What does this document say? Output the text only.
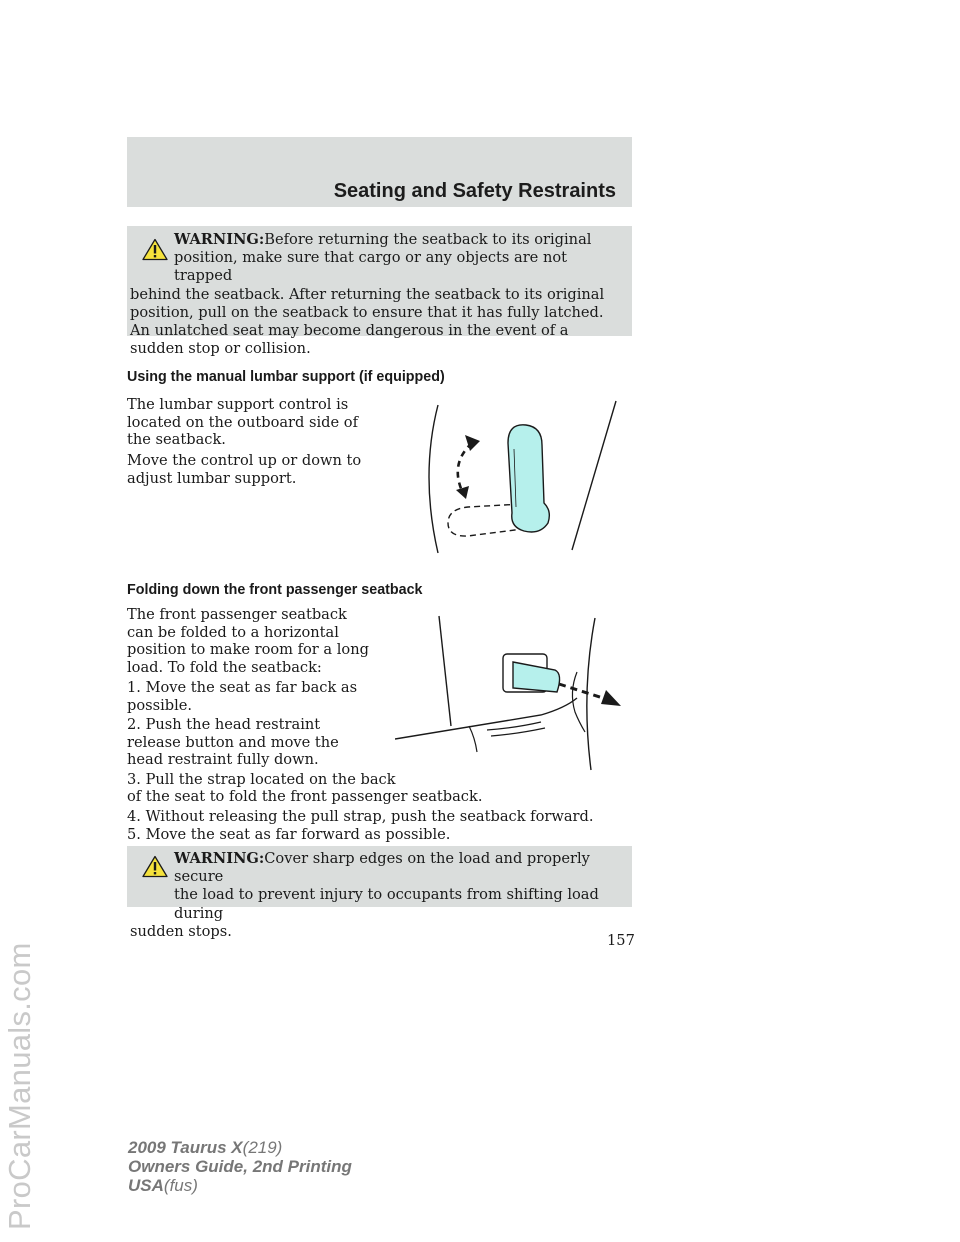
ProCarManuals.com
Seating and Safety Restraints
WARNING:Before returning the seatback to its original
position, make sure that cargo or any objects are not trapped
behind the seatback. After returning the seatback to its original position, pull on the seatback to ensure that it has fully latched. An unlatched seat may become dangerous in the event of a sudden stop or collision.
Using the manual lumbar support (if equipped)

The lumbar support control is located on the outboard side of the seatback.

Move the control up or down to adjust lumbar support.

Folding down the front passenger seatback

The front passenger seatback can be folded to a horizontal position to make room for a long load. To fold the seatback:

1. Move the seat as far back as possible.

2. Push the head restraint release button and move the head restraint fully down.

3. Pull the strap located on the back

of the seat to fold the front passenger seatback.

4. Without releasing the pull strap, push the seatback forward.

5. Move the seat as far forward as possible.

WARNING:Cover sharp edges on the load and properly secure
the load to prevent injury to occupants from shifting load during
sudden stops.
157
2009 Taurus X(219)
Owners Guide, 2nd Printing
USA(fus)
